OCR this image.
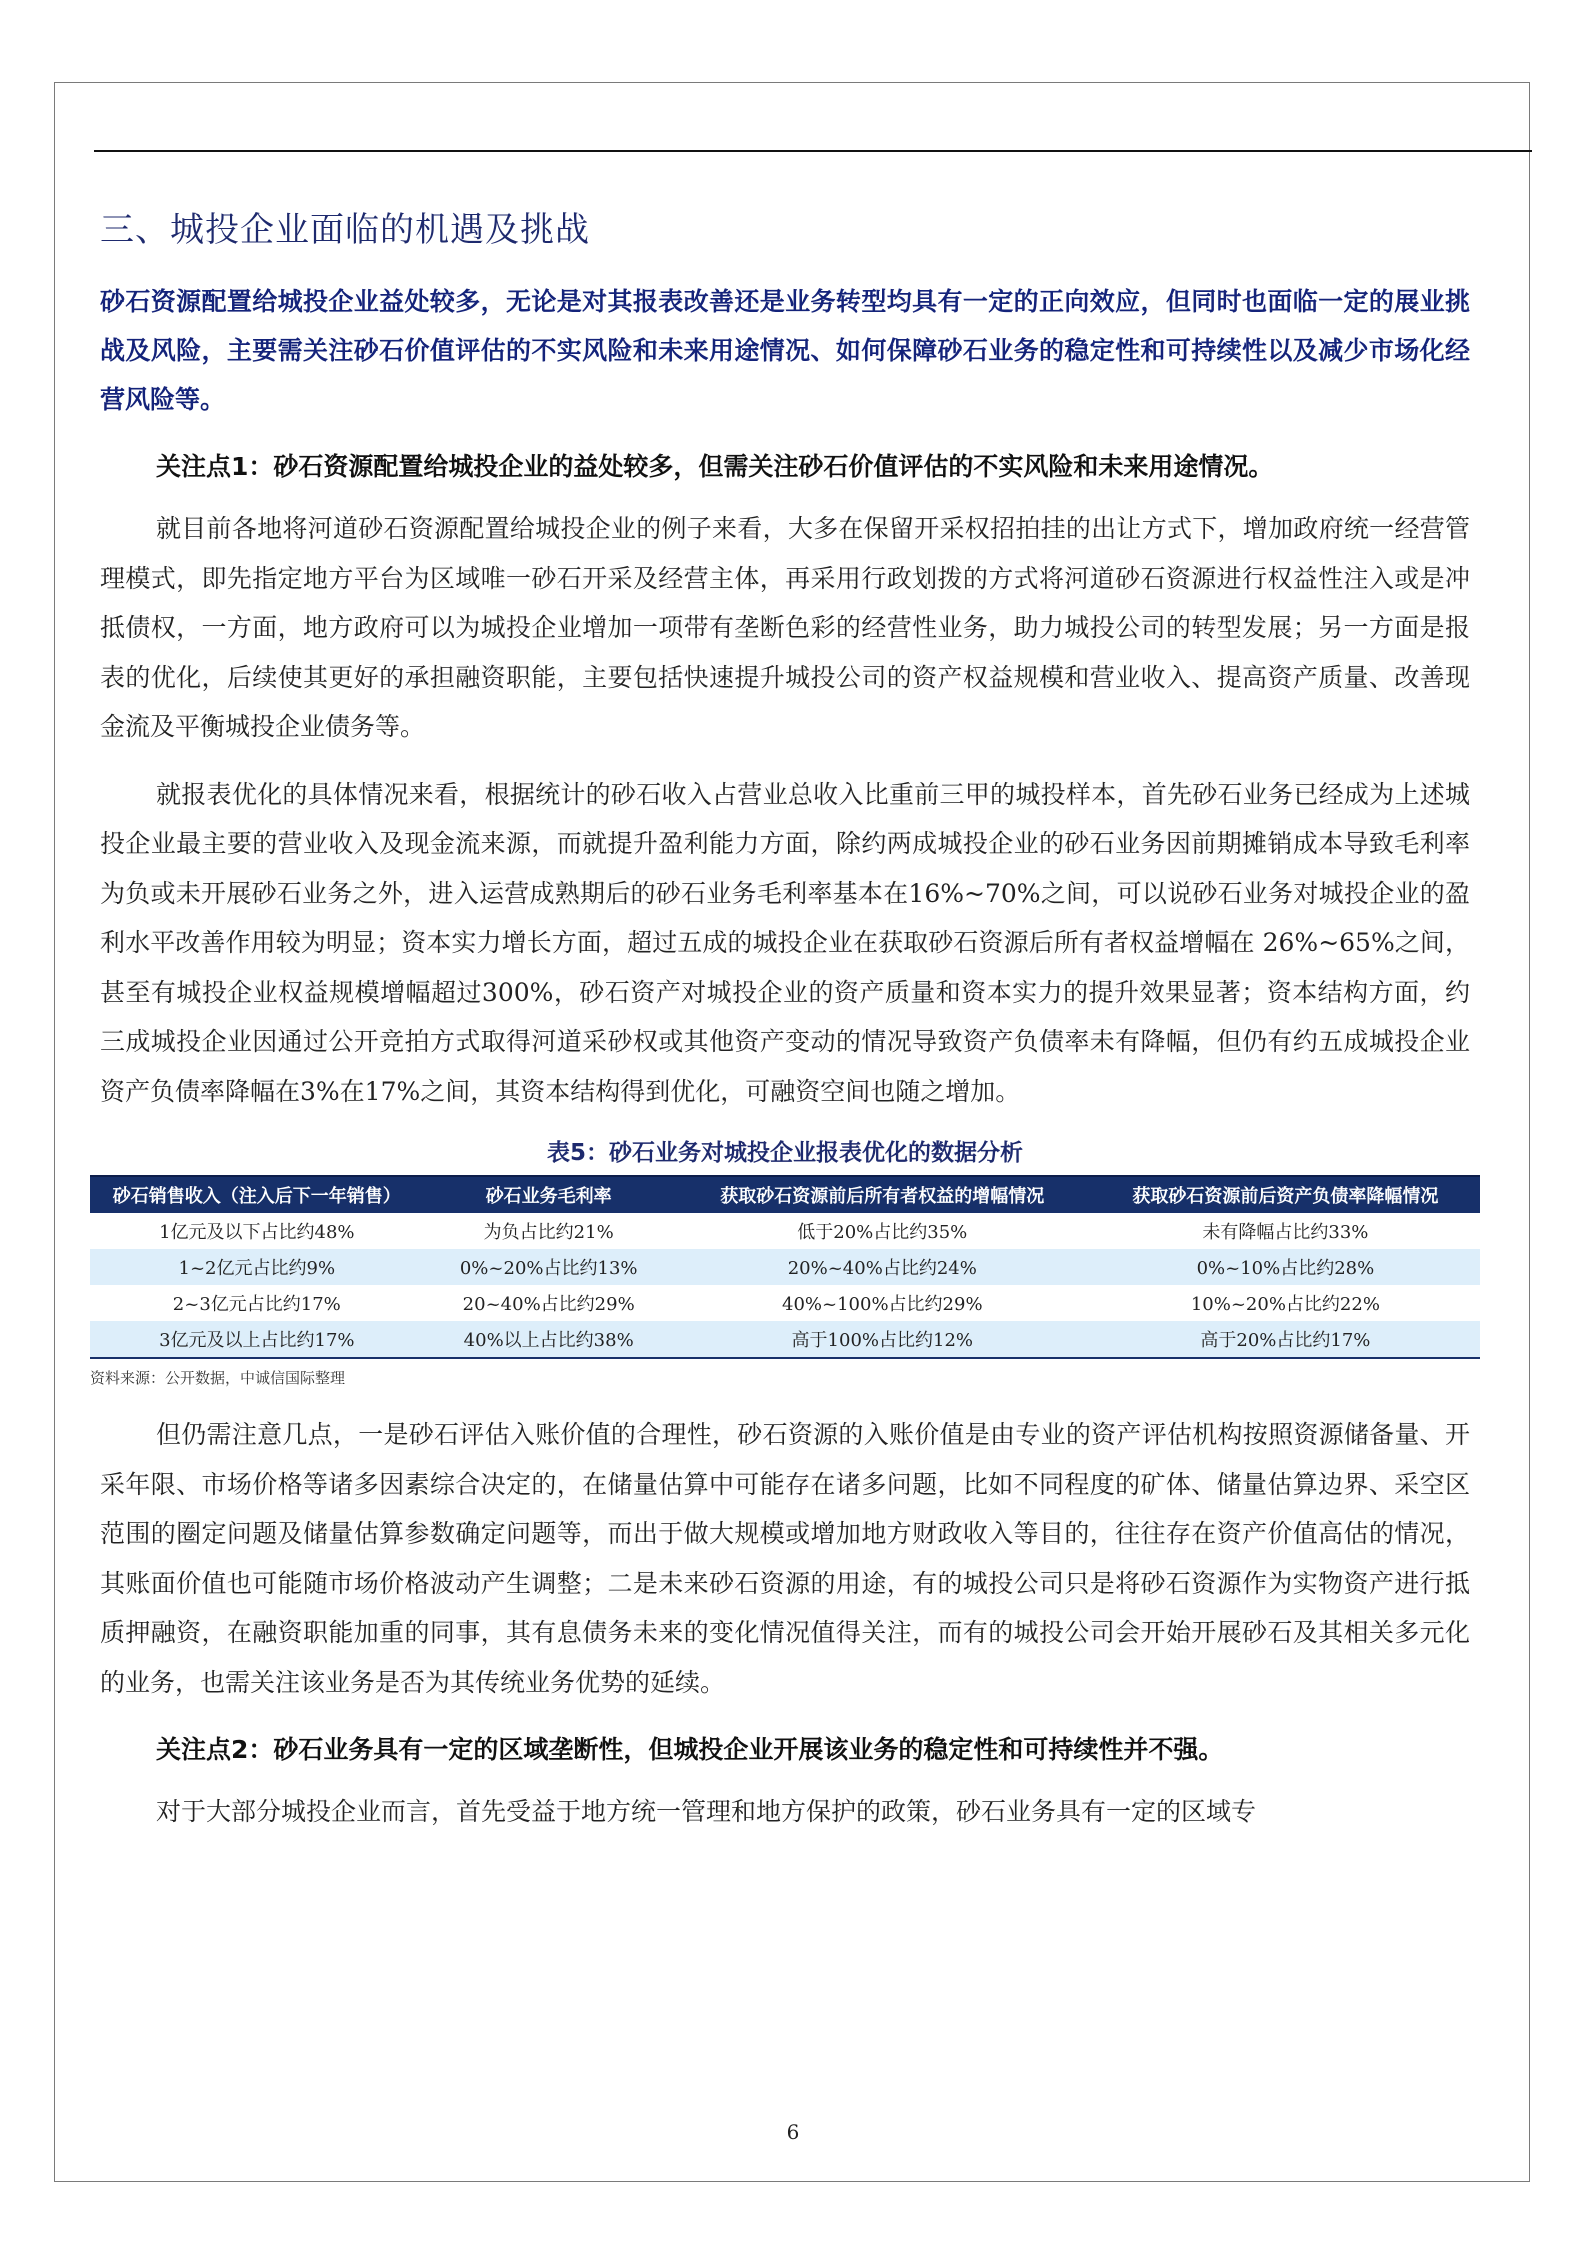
三、城投企业面临的机遇及挑战

砂石资源配置给城投企业益处较多，无论是对其报表改善还是业务转型均具有一定的正向效应，但同时也面临一定的展业挑战及风险，主要需关注砂石价值评估的不实风险和未来用途情况、如何保障砂石业务的稳定性和可持续性以及减少市场化经营风险等。

关注点1：砂石资源配置给城投企业的益处较多，但需关注砂石价值评估的不实风险和未来用途情况。

就目前各地将河道砂石资源配置给城投企业的例子来看，大多在保留开采权招拍挂的出让方式下，增加政府统一经营管理模式，即先指定地方平台为区域唯一砂石开采及经营主体，再采用行政划拨的方式将河道砂石资源进行权益性注入或是冲抵债权，一方面，地方政府可以为城投企业增加一项带有垄断色彩的经营性业务，助力城投公司的转型发展；另一方面是报表的优化，后续使其更好的承担融资职能，主要包括快速提升城投公司的资产权益规模和营业收入、提高资产质量、改善现金流及平衡城投企业债务等。

就报表优化的具体情况来看，根据统计的砂石收入占营业总收入比重前三甲的城投样本，首先砂石业务已经成为上述城投企业最主要的营业收入及现金流来源，而就提升盈利能力方面，除约两成城投企业的砂石业务因前期摊销成本导致毛利率为负或未开展砂石业务之外，进入运营成熟期后的砂石业务毛利率基本在16%~70%之间，可以说砂石业务对城投企业的盈利水平改善作用较为明显；资本实力增长方面，超过五成的城投企业在获取砂石资源后所有者权益增幅在 26%~65%之间，甚至有城投企业权益规模增幅超过300%，砂石资产对城投企业的资产质量和资本实力的提升效果显著；资本结构方面，约三成城投企业因通过公开竞拍方式取得河道采砂权或其他资产变动的情况导致资产负债率未有降幅，但仍有约五成城投企业资产负债率降幅在3%在17%之间，其资本结构得到优化，可融资空间也随之增加。

表5：砂石业务对城投企业报表优化的数据分析
砂石销售收入（注入后下一年销售）	砂石业务毛利率	获取砂石资源前后所有者权益的增幅情况	获取砂石资源前后资产负债率降幅情况
1亿元及以下占比约48%	为负占比约21%	低于20%占比约35%	未有降幅占比约33%
1~2亿元占比约9%	0%~20%占比约13%	20%~40%占比约24%	0%~10%占比约28%
2~3亿元占比约17%	20~40%占比约29%	40%~100%占比约29%	10%~20%占比约22%
3亿元及以上占比约17%	40%以上占比约38%	高于100%占比约12%	高于20%占比约17%
资料来源：公开数据，中诚信国际整理

但仍需注意几点，一是砂石评估入账价值的合理性，砂石资源的入账价值是由专业的资产评估机构按照资源储备量、开采年限、市场价格等诸多因素综合决定的，在储量估算中可能存在诸多问题，比如不同程度的矿体、储量估算边界、采空区范围的圈定问题及储量估算参数确定问题等，而出于做大规模或增加地方财政收入等目的，往往存在资产价值高估的情况，其账面价值也可能随市场价格波动产生调整；二是未来砂石资源的用途，有的城投公司只是将砂石资源作为实物资产进行抵质押融资，在融资职能加重的同事，其有息债务未来的变化情况值得关注，而有的城投公司会开始开展砂石及其相关多元化的业务，也需关注该业务是否为其传统业务优势的延续。

关注点2：砂石业务具有一定的区域垄断性，但城投企业开展该业务的稳定性和可持续性并不强。

对于大部分城投企业而言，首先受益于地方统一管理和地方保护的政策，砂石业务具有一定的区域专

6
